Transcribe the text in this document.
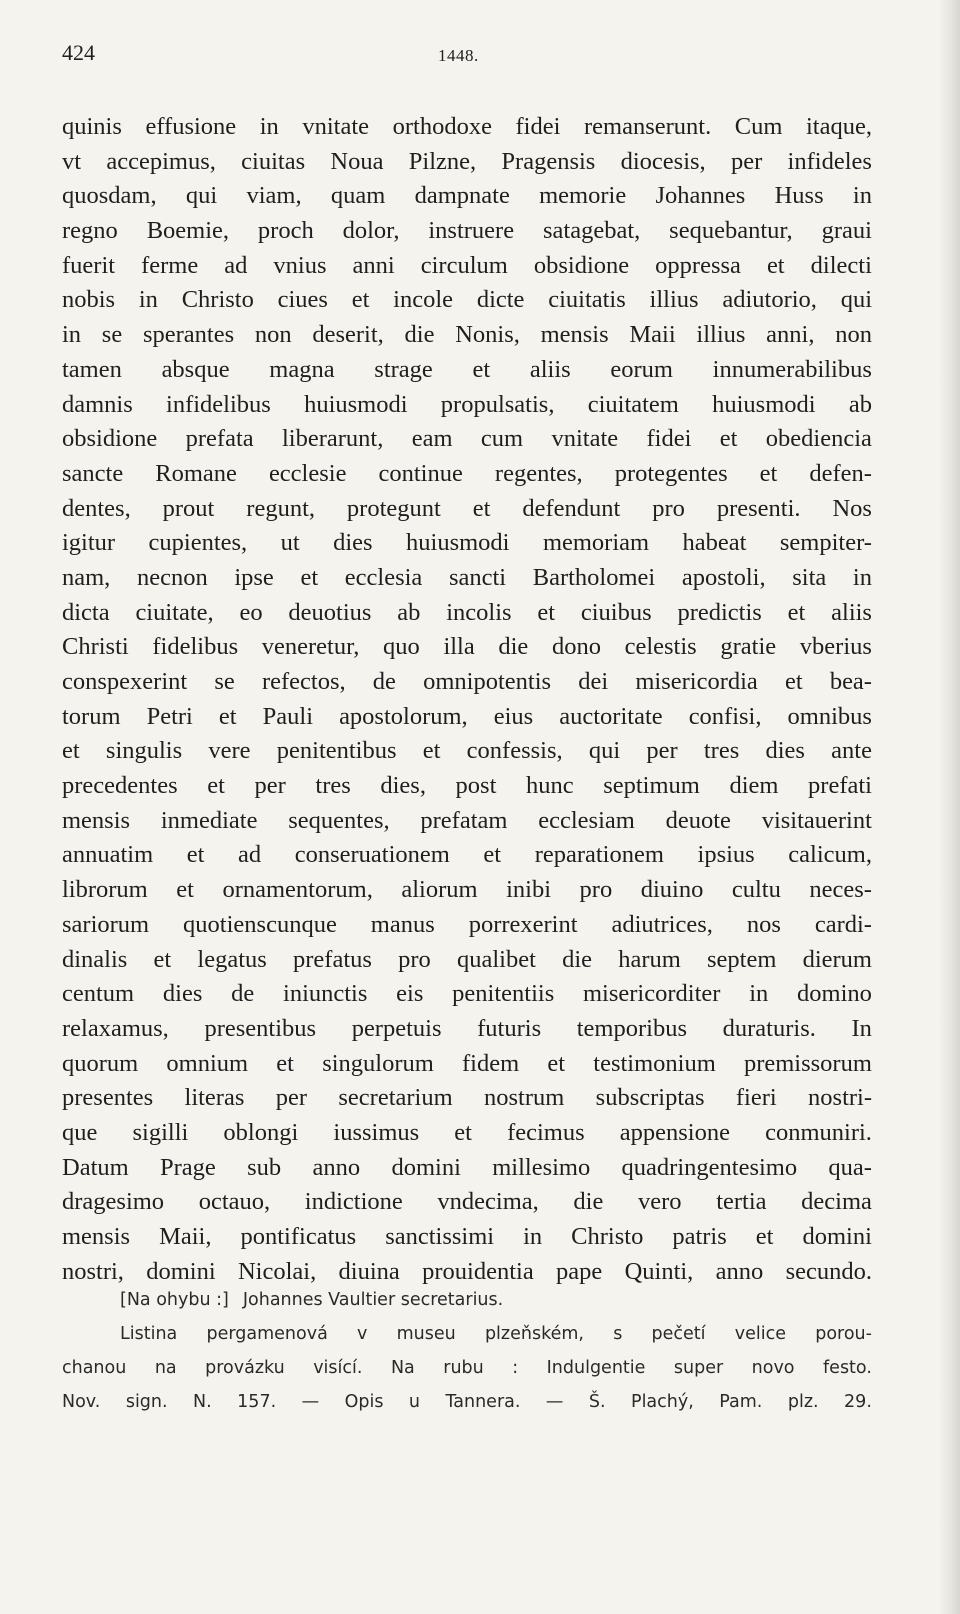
424	1448.
quinis effusione in vnitate orthodoxe fidei remanserunt. Cum itaque,
vt accepimus, ciuitas Noua Pilzne, Pragensis diocesis, per infideles
quosdam, qui viam, quam dampnate memorie Johannes Huss in
regno Boemie, proch dolor, instruere satagebat, sequebantur, graui
fuerit ferme ad vnius anni circulum obsidione oppressa et dilecti
nobis in Christo ciues et incole dicte ciuitatis illius adiutorio, qui
in se sperantes non deserit, die Nonis, mensis Maii illius anni, non
tamen absque magna strage et aliis eorum innumerabilibus
damnis infidelibus huiusmodi propulsatis, ciuitatem huiusmodi ab
obsidione prefata liberarunt, eam cum vnitate fidei et obediencia
sancte Romane ecclesie continue regentes, protegentes et defen-
dentes, prout regunt, protegunt et defendunt pro presenti. Nos
igitur cupientes, ut dies huiusmodi memoriam habeat sempiter-
nam, necnon ipse et ecclesia sancti Bartholomei apostoli, sita in
dicta ciuitate, eo deuotius ab incolis et ciuibus predictis et aliis
Christi fidelibus veneretur, quo illa die dono celestis gratie vberius
conspexerint se refectos, de omnipotentis dei misericordia et bea-
torum Petri et Pauli apostolorum, eius auctoritate confisi, omnibus
et singulis vere penitentibus et confessis, qui per tres dies ante
precedentes et per tres dies, post hunc septimum diem prefati
mensis inmediate sequentes, prefatam ecclesiam deuote visitauerint
annuatim et ad conseruationem et reparationem ipsius calicum,
librorum et ornamentorum, aliorum inibi pro diuino cultu neces-
sariorum quotienscunque manus porrexerint adiutrices, nos cardi-
dinalis et legatus prefatus pro qualibet die harum septem dierum
centum dies de iniunctis eis penitentiis misericorditer in domino
relaxamus, presentibus perpetuis futuris temporibus duraturis. In
quorum omnium et singulorum fidem et testimonium premissorum
presentes literas per secretarium nostrum subscriptas fieri nostri-
que sigilli oblongi iussimus et fecimus appensione conmuniri.
Datum Prage sub anno domini millesimo quadringentesimo qua-
dragesimo octauo, indictione vndecima, die vero tertia decima
mensis Maii, pontificatus sanctissimi in Christo patris et domini
nostri, domini Nicolai, diuina prouidentia pape Quinti, anno secundo.
[Na ohybu :] Johannes Vaultier secretarius.
Listina pergamenová v museu plzeňském, s pečetí velice porou-
chanou na provázku visící. Na rubu : Indulgentie super novo festo.
Nov. sign. N. 157. — Opis u Tannera. — Š. Plachý, Pam. plz. 29.
